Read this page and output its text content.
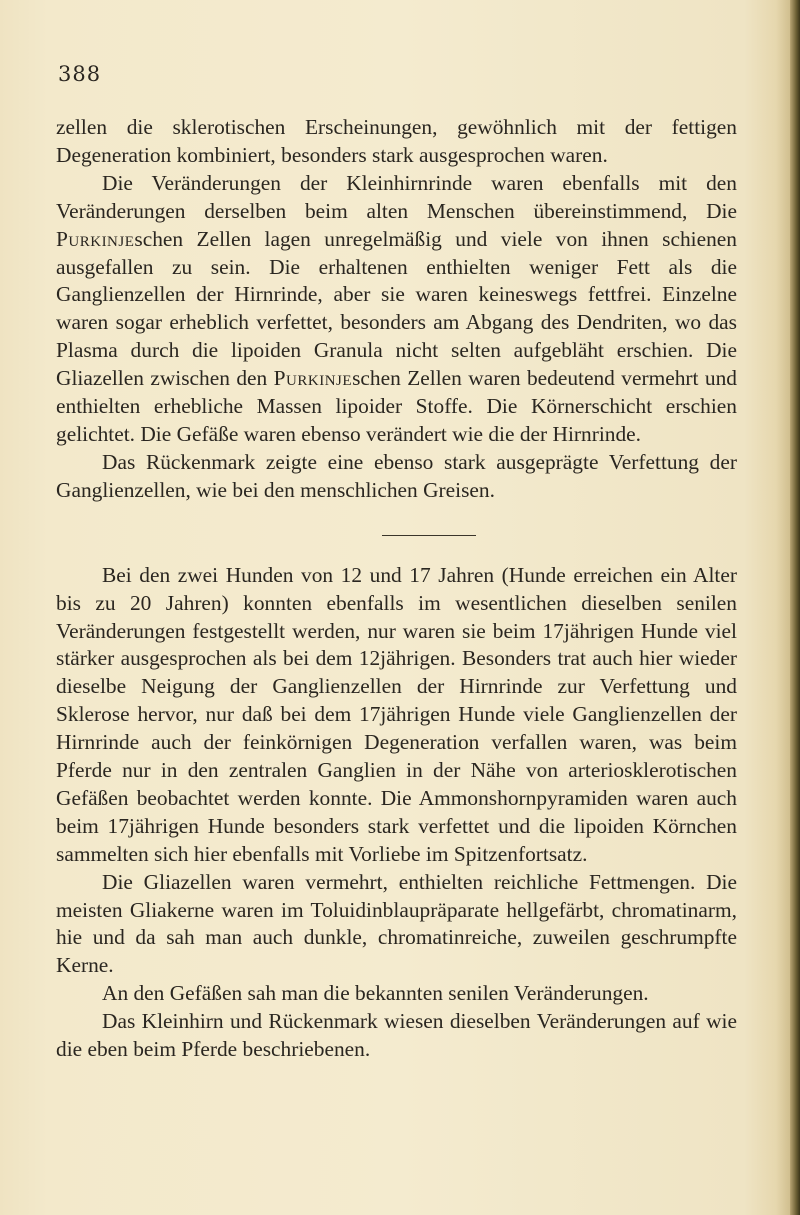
388

zellen die sklerotischen Erscheinungen, gewöhnlich mit der fettigen Degeneration kombiniert, besonders stark ausgesprochen waren.

Die Veränderungen der Kleinhirnrinde waren ebenfalls mit den Veränderungen derselben beim alten Menschen übereinstimmend, Die Purkinjeschen Zellen lagen unregelmäßig und viele von ihnen schienen ausgefallen zu sein. Die erhaltenen enthielten weniger Fett als die Ganglienzellen der Hirnrinde, aber sie waren keineswegs fettfrei. Einzelne waren sogar erheblich verfettet, besonders am Abgang des Dendriten, wo das Plasma durch die lipoiden Granula nicht selten aufgebläht erschien. Die Gliazellen zwischen den Purkinjeschen Zellen waren bedeutend vermehrt und enthielten erhebliche Massen lipoider Stoffe. Die Körnerschicht erschien gelichtet. Die Gefäße waren ebenso verändert wie die der Hirnrinde.

Das Rückenmark zeigte eine ebenso stark ausgeprägte Verfettung der Ganglienzellen, wie bei den menschlichen Greisen.

Bei den zwei Hunden von 12 und 17 Jahren (Hunde erreichen ein Alter bis zu 20 Jahren) konnten ebenfalls im wesentlichen dieselben senilen Veränderungen festgestellt werden, nur waren sie beim 17jährigen Hunde viel stärker ausgesprochen als bei dem 12jährigen. Besonders trat auch hier wieder dieselbe Neigung der Ganglienzellen der Hirnrinde zur Verfettung und Sklerose hervor, nur daß bei dem 17jährigen Hunde viele Ganglienzellen der Hirnrinde auch der feinkörnigen Degeneration verfallen waren, was beim Pferde nur in den zentralen Ganglien in der Nähe von arteriosklerotischen Gefäßen beobachtet werden konnte. Die Ammonshornpyramiden waren auch beim 17jährigen Hunde besonders stark verfettet und die lipoiden Körnchen sammelten sich hier ebenfalls mit Vorliebe im Spitzenfortsatz.

Die Gliazellen waren vermehrt, enthielten reichliche Fettmengen. Die meisten Gliakerne waren im Toluidinblaupräparate hellgefärbt, chromatinarm, hie und da sah man auch dunkle, chromatinreiche, zuweilen geschrumpfte Kerne.

An den Gefäßen sah man die bekannten senilen Veränderungen.

Das Kleinhirn und Rückenmark wiesen dieselben Veränderungen auf wie die eben beim Pferde beschriebenen.
